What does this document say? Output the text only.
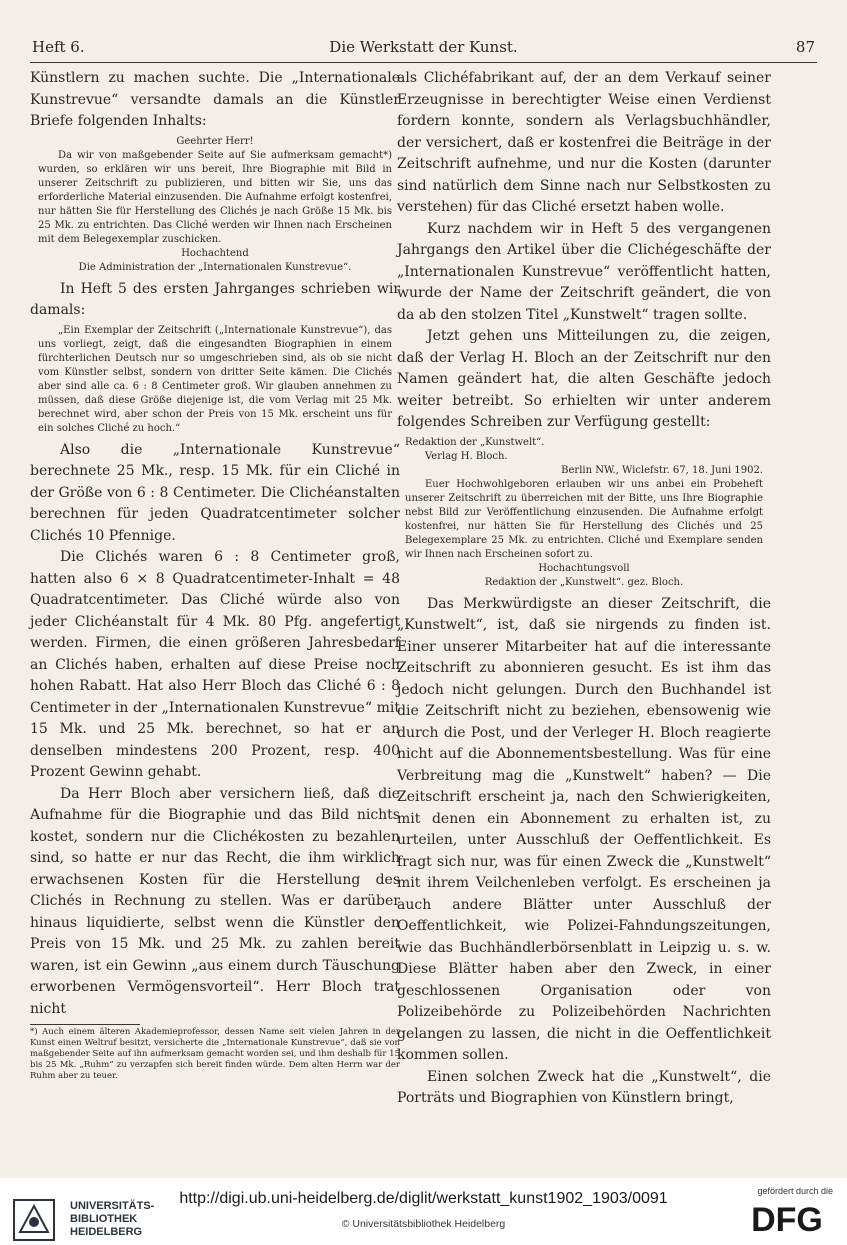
Heft 6.	Die Werkstatt der Kunst.	87

Künstlern zu machen suchte. Die „Internationale Kunstrevue“ versandte damals an die Künstler Briefe folgenden Inhalts:

Geehrter Herr!

Da wir von maßgebender Seite auf Sie aufmerksam gemacht*) wurden, so erklären wir uns bereit, Ihre Biographie mit Bild in unserer Zeitschrift zu publizieren, und bitten wir Sie, uns das erforderliche Material einzusenden. Die Aufnahme erfolgt kostenfrei, nur hätten Sie für Herstellung des Clichés je nach Größe 15 Mk. bis 25 Mk. zu entrichten. Das Cliché werden wir Ihnen nach Erscheinen mit dem Belegexemplar zuschicken.

Hochachtend

Die Administration der „Internationalen Kunstrevue“.

In Heft 5 des ersten Jahrganges schrieben wir damals:

„Ein Exemplar der Zeitschrift („Internationale Kunstrevue“), das uns vorliegt, zeigt, daß die eingesandten Biographien in einem fürchterlichen Deutsch nur so umgeschrieben sind, als ob sie nicht vom Künstler selbst, sondern von dritter Seite kämen. Die Clichés aber sind alle ca. 6 : 8 Centimeter groß. Wir glauben annehmen zu müssen, daß diese Größe diejenige ist, die vom Verlag mit 25 Mk. berechnet wird, aber schon der Preis von 15 Mk. erscheint uns für ein solches Cliché zu hoch.“

Also die „Internationale Kunstrevue“ berechnete 25 Mk., resp. 15 Mk. für ein Cliché in der Größe von 6 : 8 Centimeter. Die Clichéanstalten berechnen für jeden Quadratcentimeter solcher Clichés 10 Pfennige.

Die Clichés waren 6 : 8 Centimeter groß, hatten also 6 × 8 Quadratcentimeter-Inhalt = 48 Quadratcentimeter. Das Cliché würde also von jeder Clichéanstalt für 4 Mk. 80 Pfg. angefertigt werden. Firmen, die einen größeren Jahresbedarf an Clichés haben, erhalten auf diese Preise noch hohen Rabatt. Hat also Herr Bloch das Cliché 6 : 8 Centimeter in der „Internationalen Kunstrevue“ mit 15 Mk. und 25 Mk. berechnet, so hat er an denselben mindestens 200 Prozent, resp. 400 Prozent Gewinn gehabt.

Da Herr Bloch aber versichern ließ, daß die Aufnahme für die Biographie und das Bild nichts kostet, sondern nur die Clichékosten zu bezahlen sind, so hatte er nur das Recht, die ihm wirklich erwachsenen Kosten für die Herstellung des Clichés in Rechnung zu stellen. Was er darüber hinaus liquidierte, selbst wenn die Künstler den Preis von 15 Mk. und 25 Mk. zu zahlen bereit waren, ist ein Gewinn „aus einem durch Täuschung erworbenen Vermögensvorteil“. Herr Bloch trat nicht

*) Auch einem älteren Akademieprofessor, dessen Name seit vielen Jahren in der Kunst einen Weltruf besitzt, versicherte die „Internationale Kunstrevue“, daß sie von maßgebender Seite auf ihn aufmerksam gemacht worden sei, und ihm deshalb für 15 bis 25 Mk. „Ruhm“ zu verzapfen sich bereit finden würde. Dem alten Herrn war der Ruhm aber zu teuer.

als Clichéfabrikant auf, der an dem Verkauf seiner Erzeugnisse in berechtigter Weise einen Verdienst fordern konnte, sondern als Verlagsbuchhändler, der versichert, daß er kostenfrei die Beiträge in der Zeitschrift aufnehme, und nur die Kosten (darunter sind natürlich dem Sinne nach nur Selbstkosten zu verstehen) für das Cliché ersetzt haben wolle.

Kurz nachdem wir in Heft 5 des vergangenen Jahrgangs den Artikel über die Clichégeschäfte der „Internationalen Kunstrevue“ veröffentlicht hatten, wurde der Name der Zeitschrift geändert, die von da ab den stolzen Titel „Kunstwelt“ tragen sollte.

Jetzt gehen uns Mitteilungen zu, die zeigen, daß der Verlag H. Bloch an der Zeitschrift nur den Namen geändert hat, die alten Geschäfte jedoch weiter betreibt. So erhielten wir unter anderem folgendes Schreiben zur Verfügung gestellt:

Redaktion der „Kunstwelt“.

Verlag H. Bloch.

Berlin NW., Wiclefstr. 67, 18. Juni 1902.

Euer Hochwohlgeboren erlauben wir uns anbei ein Probeheft unserer Zeitschrift zu überreichen mit der Bitte, uns Ihre Biographie nebst Bild zur Veröffentlichung einzusenden. Die Aufnahme erfolgt kostenfrei, nur hätten Sie für Herstellung des Clichés und 25 Belegexemplare 25 Mk. zu entrichten. Cliché und Exemplare senden wir Ihnen nach Erscheinen sofort zu.

Hochachtungsvoll

Redaktion der „Kunstwelt“. gez. Bloch.

Das Merkwürdigste an dieser Zeitschrift, die „Kunstwelt“, ist, daß sie nirgends zu finden ist. Einer unserer Mitarbeiter hat auf die interessante Zeitschrift zu abonnieren gesucht. Es ist ihm das jedoch nicht gelungen. Durch den Buchhandel ist die Zeitschrift nicht zu beziehen, ebensowenig wie durch die Post, und der Verleger H. Bloch reagierte nicht auf die Abonnementsbestellung. Was für eine Verbreitung mag die „Kunstwelt“ haben? — Die Zeitschrift erscheint ja, nach den Schwierigkeiten, mit denen ein Abonnement zu erhalten ist, zu urteilen, unter Ausschluß der Oeffentlichkeit. Es fragt sich nur, was für einen Zweck die „Kunstwelt“ mit ihrem Veilchenleben verfolgt. Es erscheinen ja auch andere Blätter unter Ausschluß der Oeffentlichkeit, wie Polizei-Fahndungszeitungen, wie das Buchhändlerbörsenblatt in Leipzig u. s. w. Diese Blätter haben aber den Zweck, in einer geschlossenen Organisation oder von Polizeibehörde zu Polizeibehörden Nachrichten gelangen zu lassen, die nicht in die Oeffentlichkeit kommen sollen.

Einen solchen Zweck hat die „Kunstwelt“, die Porträts und Biographien von Künstlern bringt,

UNIVERSITÄTS-
BIBLIOTHEK
HEIDELBERG
http://digi.ub.uni-heidelberg.de/diglit/werkstatt_kunst1902_1903/0091
© Universitätsbibliothek Heidelberg
gefördert durch die
DFG
